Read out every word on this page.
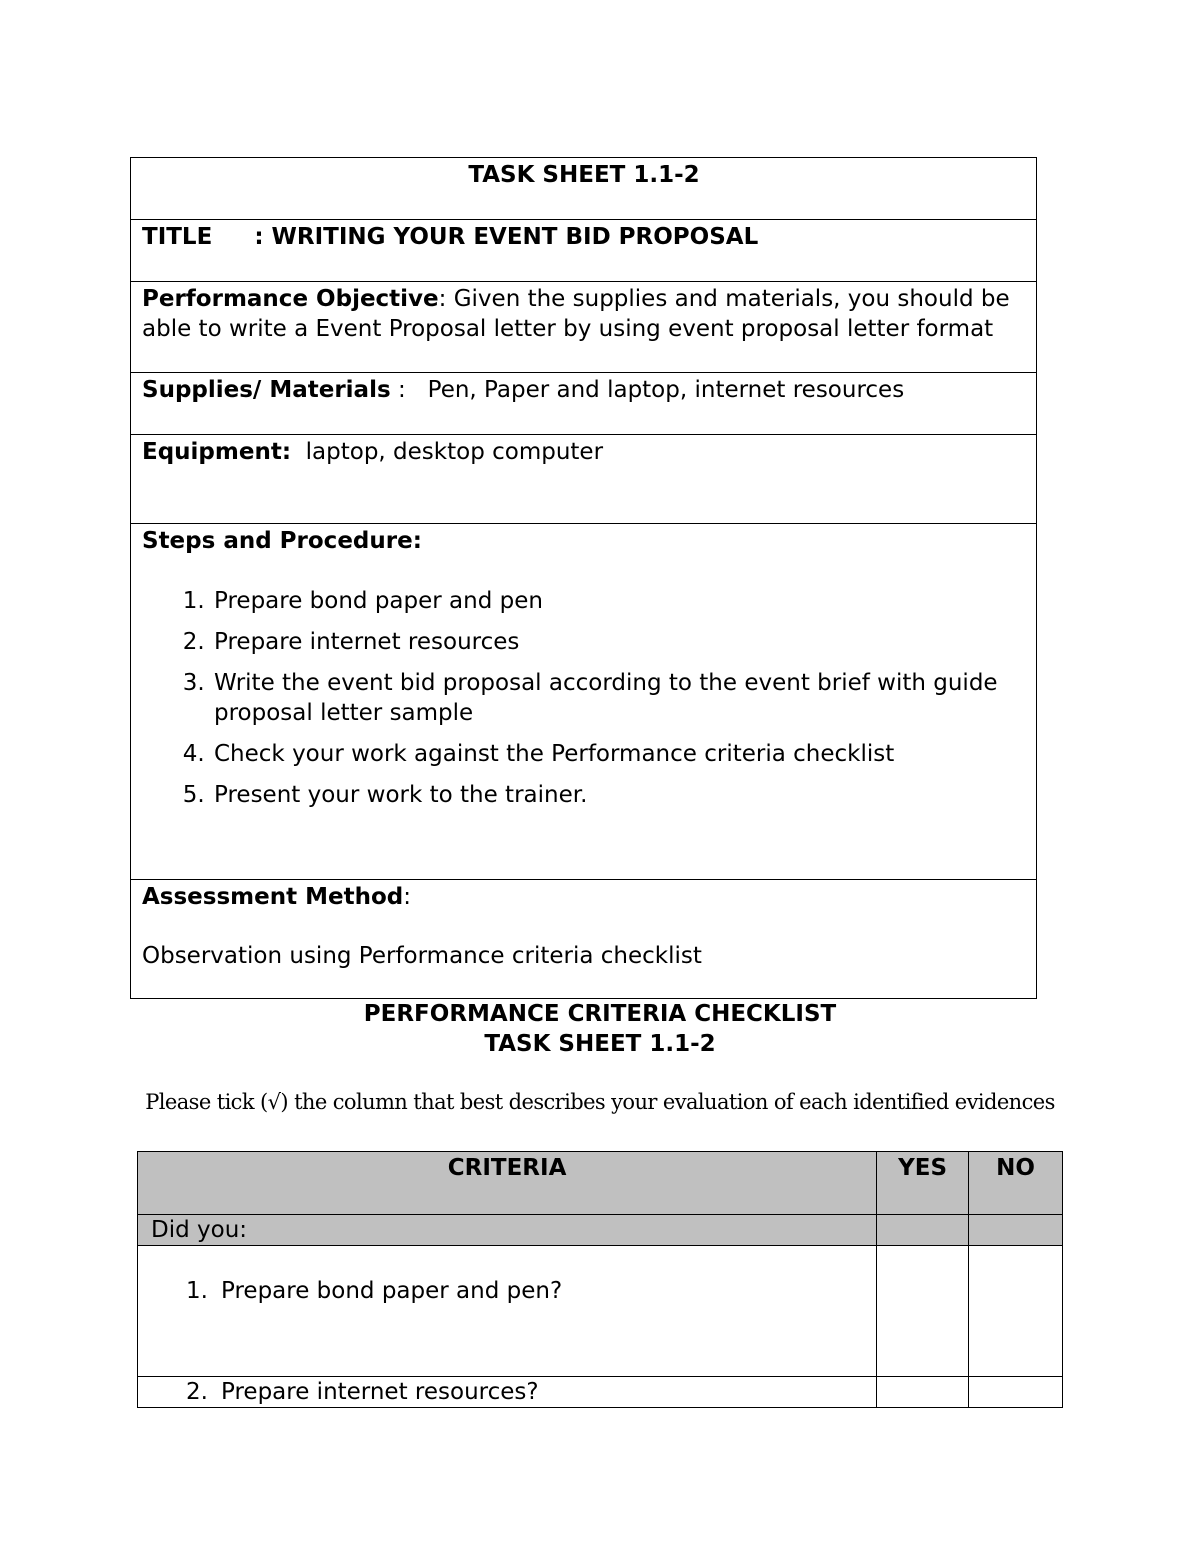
TASK SHEET 1.1-2
TITLE : WRITING YOUR EVENT BID PROPOSAL
Performance Objective: Given the supplies and materials, you should be able to write a Event Proposal letter by using event proposal letter format
Supplies/ Materials :   Pen, Paper and laptop, internet resources
Equipment:  laptop, desktop computer

Steps and Procedure:
1. Prepare bond paper and pen
2. Prepare internet resources
3. Write the event bid proposal according to the event brief with guide proposal letter sample
4. Check your work against the Performance criteria checklist
5. Present your work to the trainer.

Assessment Method:
Observation using Performance criteria checklist
PERFORMANCE CRITERIA CHECKLIST
TASK SHEET 1.1-2
Please tick (√) the column that best describes your evaluation of each identified evidences
CRITERIA	YES	NO
Did you:		

1. Prepare bond paper and pen?		

2. Prepare internet resources?		
